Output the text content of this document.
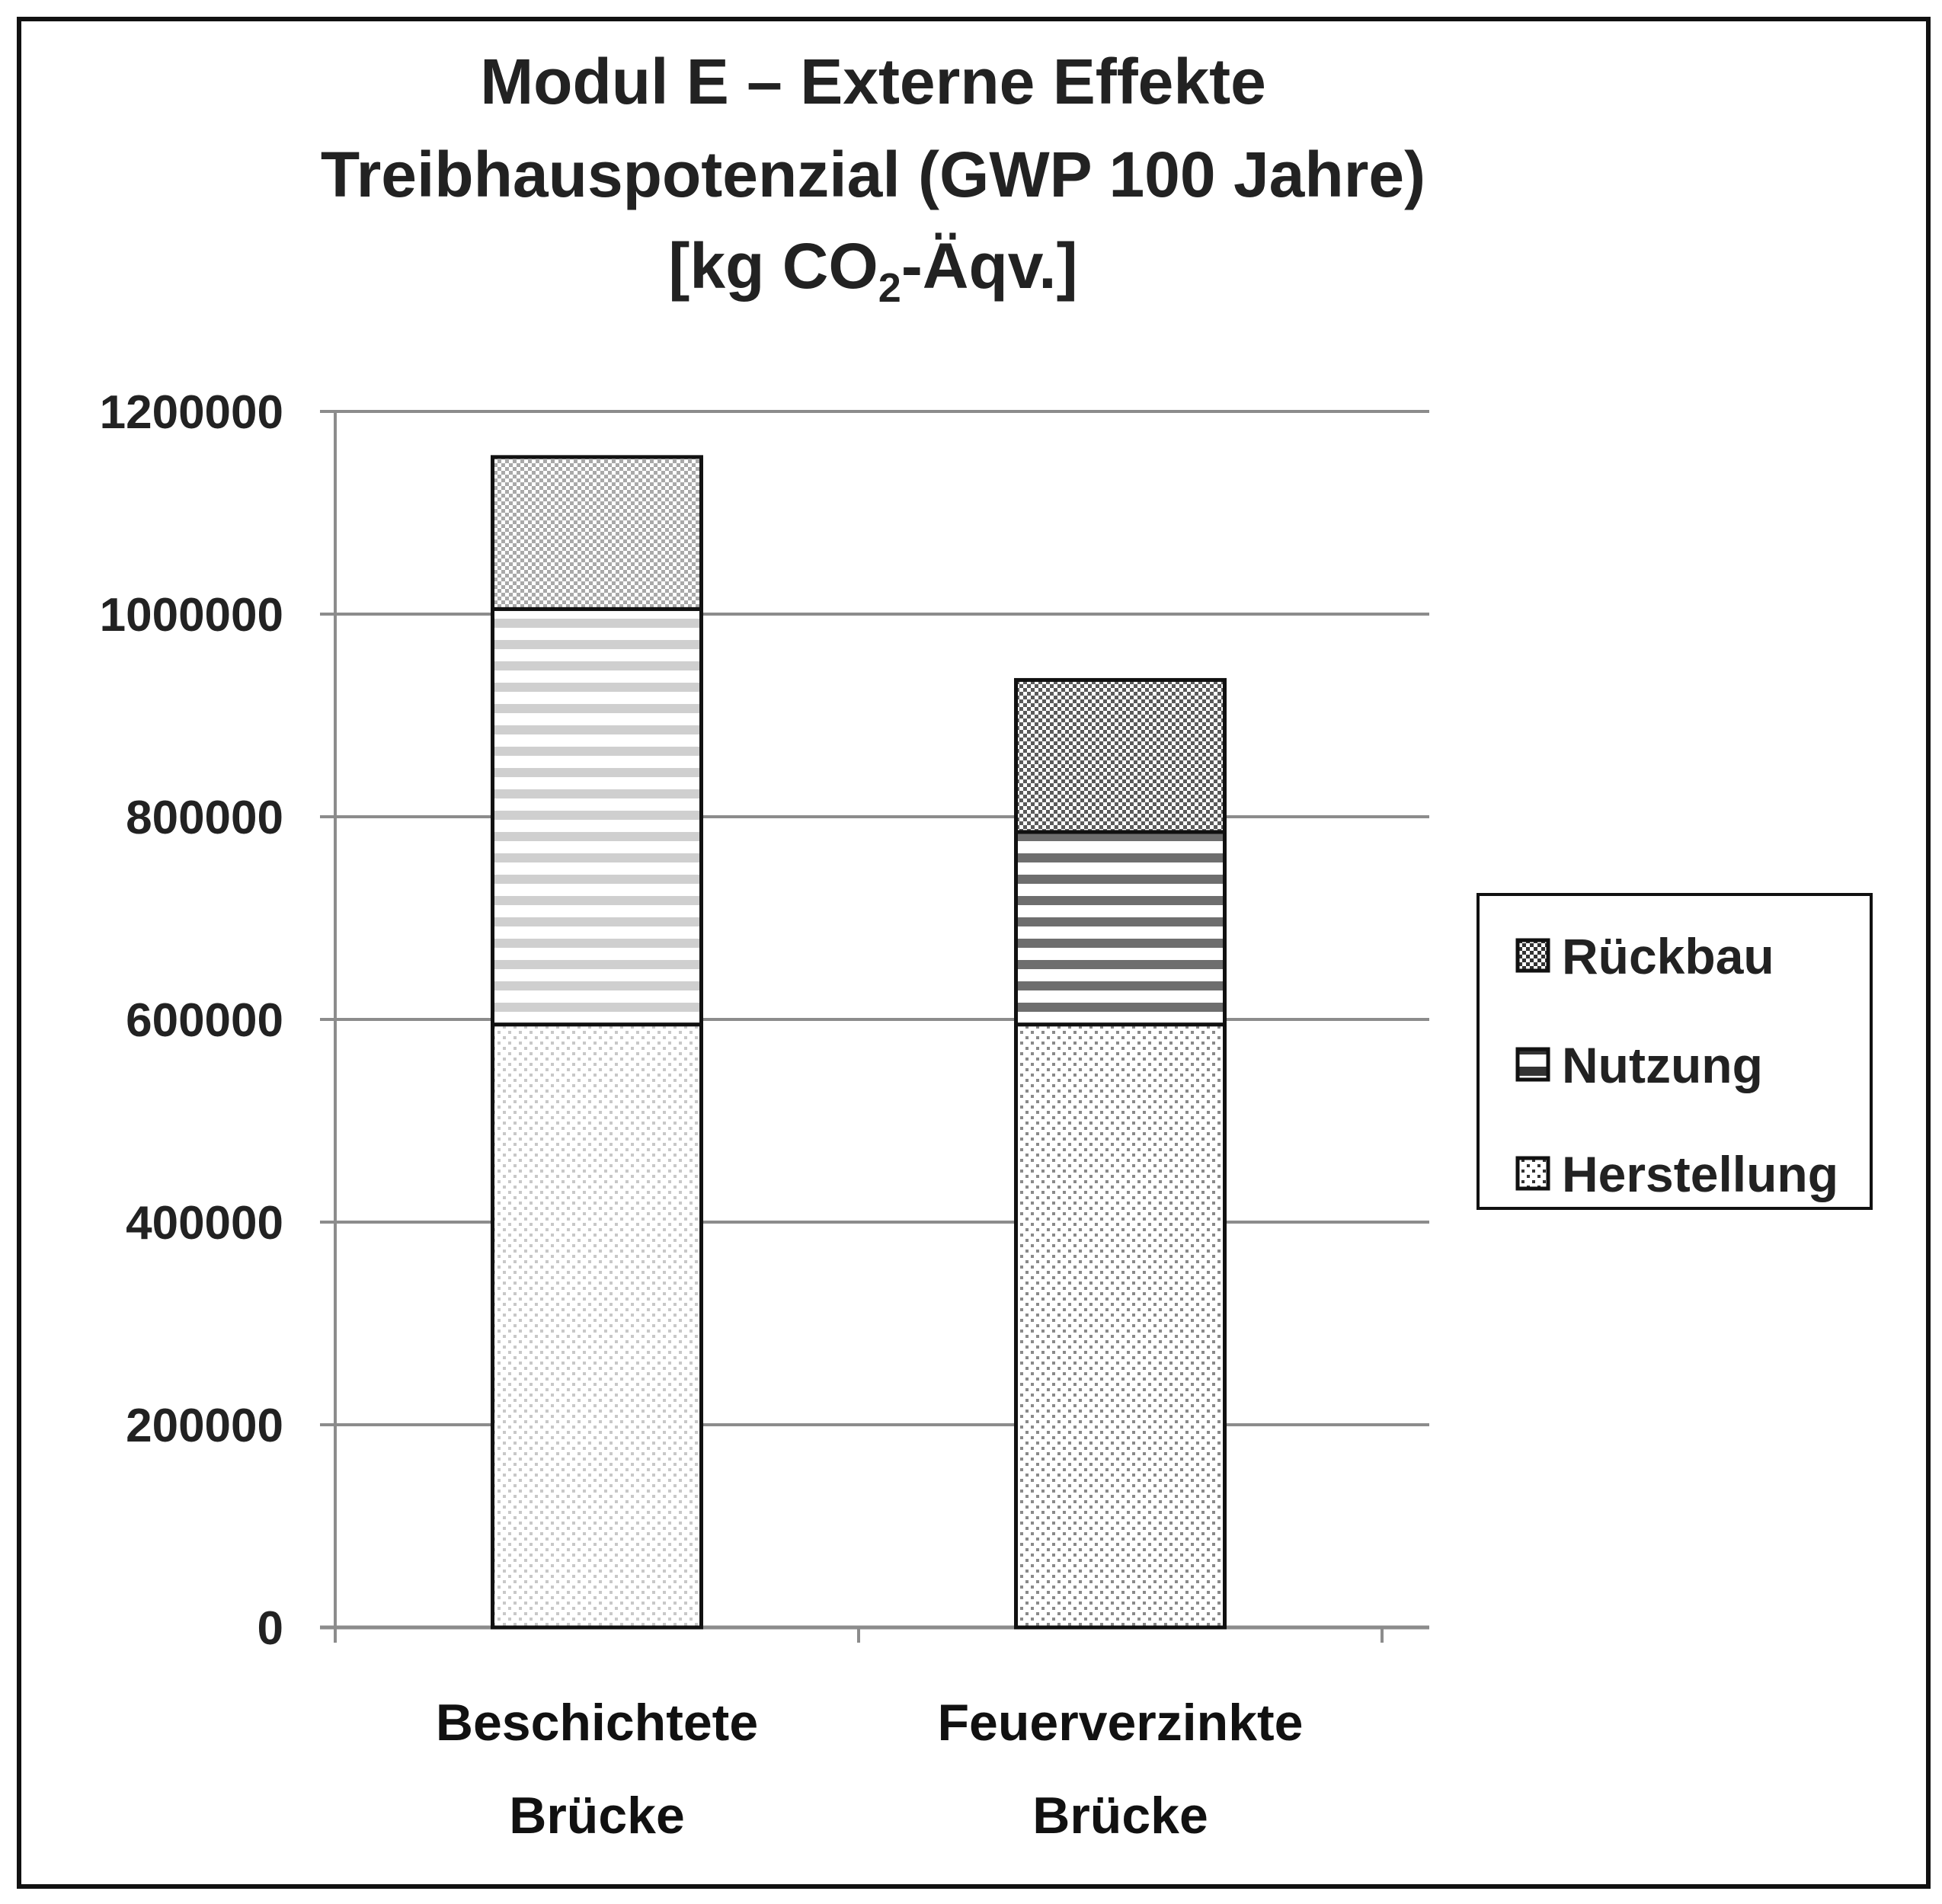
Modul E – Externe Effekte
Treibhauspotenzial (GWP 100 Jahre)
[kg $CO_2-Äqv$.]
0
200000
400000
600000
800000
1000000
1200000
Beschichtete
Brücke
Feuerverzinkte
Brücke
Rückbau
Nutzung
Herstellung
